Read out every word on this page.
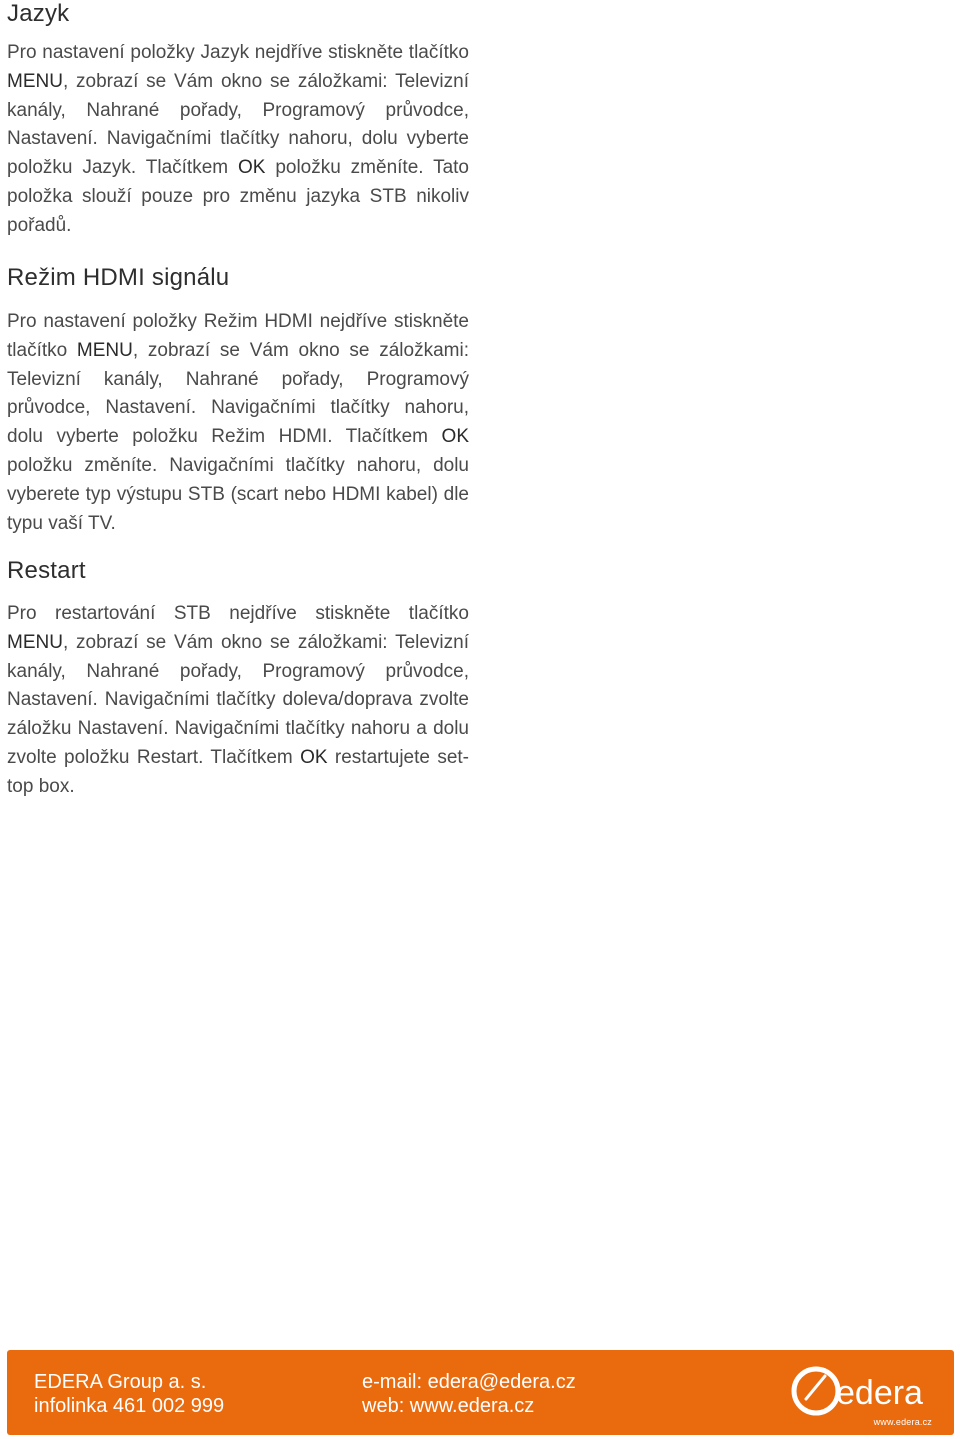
Jazyk

Pro nastavení položky Jazyk nejdříve stiskněte tlačítko MENU, zobrazí se Vám okno se záložkami: Televizní kanály, Nahrané pořady, Programový průvodce, Nastavení. Navigačními tlačítky nahoru, dolu vyberte položku Jazyk. Tlačítkem OK položku změníte. Tato položka slouží pouze pro změnu jazyka STB nikoliv pořadů.

Režim HDMI signálu

Pro nastavení položky Režim HDMI nejdříve stiskněte tlačítko MENU, zobrazí se Vám okno se záložkami: Televizní kanály, Nahrané pořady, Programový průvodce, Nastavení. Navigačními tlačítky nahoru, dolu vyberte položku Režim HDMI. Tlačítkem OK položku změníte. Navigačními tlačítky nahoru, dolu vyberete typ výstupu STB (scart nebo HDMI kabel) dle typu vaší TV.

Restart

Pro restartování STB nejdříve stiskněte tlačítko MENU, zobrazí se Vám okno se záložkami: Televizní kanály, Nahrané pořady, Programový průvodce, Nastavení. Navigačními tlačítky doleva/doprava zvolte záložku Nastavení. Navigačními tlačítky nahoru a dolu zvolte položku Restart. Tlačítkem OK restartujete set-top box.

EDERA Group a. s.
infolinka 461 002 999
e-mail: edera@edera.cz
web: www.edera.cz	edera
www.edera.cz
